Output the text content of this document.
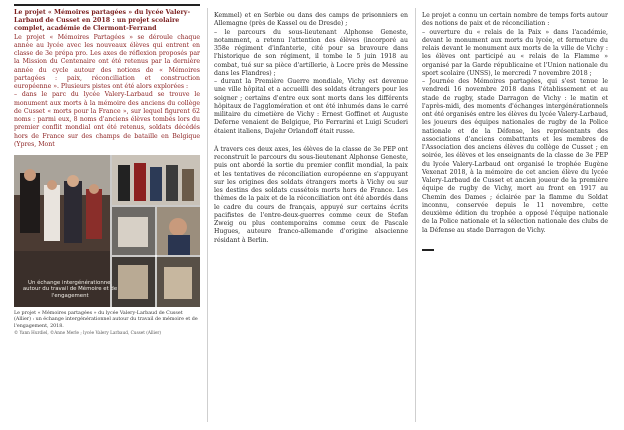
Le projet « Mémoires partagées » du lycée Valery-Larbaud de Cusset en 2018 : un projet scolaire complet, académie de Clermont-Ferrand

Le projet « Mémoires Partagées » se déroule chaque année au lycée avec les nouveaux élèves qui entrent en classe de 3e prépa pro. Les axes de réflexion proposés par la Mission du Centenaire ont été retenus par la dernière année du cycle autour des notions de « Mémoires partagées : paix, réconciliation et construction européenne ». Plusieurs pistes ont été alors explorées :

– dans le parc du lycée Valery-Larbaud se trouve le monument aux morts à la mémoire des anciens du collège de Cusset « morts pour la France », sur lequel figurent 62 noms : parmi eux, 8 noms d'anciens élèves tombés lors du premier conflit mondial ont été retenus, soldats décédés hors de France sur des champs de bataille en Belgique (Ypres, Mont

Un échange intergénérationnel autour du travail de Mémoire et de l'engagement

Le projet « Mémoires partagées » du lycée Valery-Larbaud de Cusset (Allier) : un échange intergénérationnel autour du travail de mémoire et de l'engagement, 2018.
© Yann Hurdiel, ©Anne Merle ; lycée Valery Larbaud, Cusset (Allier)

Kemmel) et en Serbie ou dans des camps de prisonniers en Allemagne (près de Kassel ou de Dresde) ;

– le parcours du sous-lieutenant Alphonse Geneste, notamment, a retenu l'attention des élèves (incorporé au 358e régiment d'infanterie, cité pour sa bravoure dans l'historique de son régiment, il tombe le 5 juin 1918 au combat, tué sur sa pièce d'artillerie, à Locre près de Messine dans les Flandres) ;

– durant la Première Guerre mondiale, Vichy est devenue une ville hôpital et a accueilli des soldats étrangers pour les soigner ; certains d'entre eux sont morts dans les différents hôpitaux de l'agglomération et ont été inhumés dans le carré militaire du cimetière de Vichy : Ernest Goffinet et Auguste Deferne venaient de Belgique, Pio Ferrarini et Luigi Scuderi étaient italiens, Dajehr Orlandoff était russe.

À travers ces deux axes, les élèves de la classe de 3e PEP ont reconstruit le parcours du sous-lieutenant Alphonse Geneste, puis ont abordé la sortie du premier conflit mondial, la paix et les tentatives de réconciliation européenne en s'appuyant sur les origines des soldats étrangers morts à Vichy ou sur les destins des soldats cussétois morts hors de France. Les thèmes de la paix et de la réconciliation ont été abordés dans le cadre du cours de français, appuyé sur certains écrits pacifistes de l'entre-deux-guerres comme ceux de Stefan Zweig ou plus contemporains comme ceux de Pascale Hugues, auteure franco-allemande d'origine alsacienne résidant à Berlin.

Le projet a connu un certain nombre de temps forts autour des notions de paix et de réconciliation :

– ouverture du « relais de la Paix » dans l'académie, devant le monument aux morts du lycée, et fermeture du relais devant le monument aux morts de la ville de Vichy : les élèves ont participé au « relais de la Flamme » organisé par la Garde républicaine et l'Union nationale du sport scolaire (UNSS), le mercredi 7 novembre 2018 ;

– Journée des Mémoires partagées, qui s'est tenue le vendredi 16 novembre 2018 dans l'établissement et au stade de rugby, stade Darragon de Vichy : le matin et l'après-midi, des moments d'échanges intergénérationnels ont été organisés entre les élèves du lycée Valery-Larbaud, les joueurs des équipes nationales de rugby de la Police nationale et de la Défense, les représentants des associations d'anciens combattants et les membres de l'Association des anciens élèves du collège de Cusset ; en soirée, les élèves et les enseignants de la classe de 3e PEP du lycée Valery-Larbaud ont organisé le trophée Eugène Vexenat 2018, à la mémoire de cet ancien élève du lycée Valery-Larbaud de Cusset et ancien joueur de la première équipe de rugby de Vichy, mort au front en 1917 au Chemin des Dames ; éclairée par la flamme du Soldat inconnu, conservée depuis le 11 novembre, cette deuxième édition du trophée a opposé l'équipe nationale de la Police nationale et la sélection nationale des clubs de la Défense au stade Darragon de Vichy.
